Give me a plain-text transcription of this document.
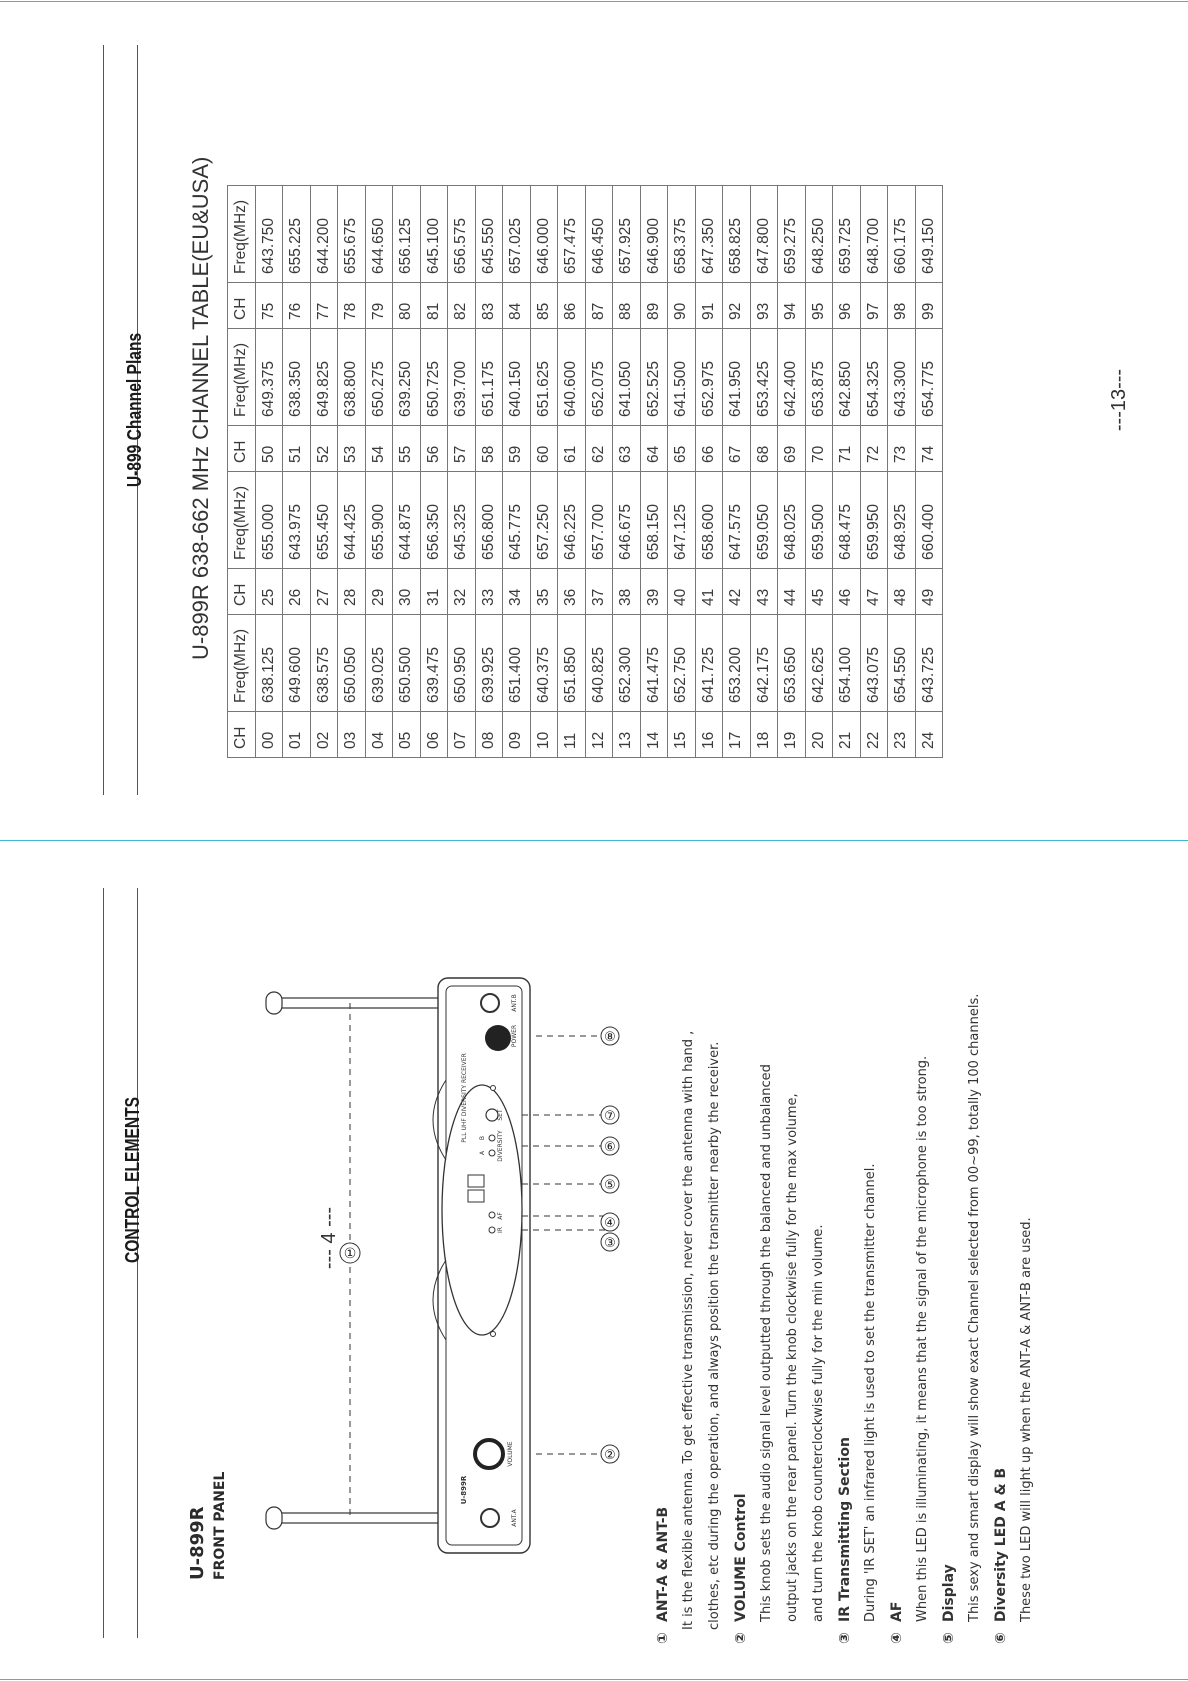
U-899 Channel Plans U-899R 638-662 MHz CHANNEL TABLE(EU&USA)
CH	Freq(MHz)	CH	Freq(MHz)	CH	Freq(MHz)	CH	Freq(MHz)
00	638.125	25	655.000	50	649.375	75	643.750
01	649.600	26	643.975	51	638.350	76	655.225
02	638.575	27	655.450	52	649.825	77	644.200
03	650.050	28	644.425	53	638.800	78	655.675
04	639.025	29	655.900	54	650.275	79	644.650
05	650.500	30	644.875	55	639.250	80	656.125
06	639.475	31	656.350	56	650.725	81	645.100
07	650.950	32	645.325	57	639.700	82	656.575
08	639.925	33	656.800	58	651.175	83	645.550
09	651.400	34	645.775	59	640.150	84	657.025
10	640.375	35	657.250	60	651.625	85	646.000
11	651.850	36	646.225	61	640.600	86	657.475
12	640.825	37	657.700	62	652.075	87	646.450
13	652.300	38	646.675	63	641.050	88	657.925
14	641.475	39	658.150	64	652.525	89	646.900
15	652.750	40	647.125	65	641.500	90	658.375
16	641.725	41	658.600	66	652.975	91	647.350
17	653.200	42	647.575	67	641.950	92	658.825
18	642.175	43	659.050	68	653.425	93	647.800
19	653.650	44	648.025	69	642.400	94	659.275
20	642.625	45	659.500	70	653.875	95	648.250
21	654.100	46	648.475	71	642.850	96	659.725
22	643.075	47	659.950	72	654.325	97	648.700
23	654.550	48	648.925	73	643.300	98	660.175
24	643.725	49	660.400	74	654.775	99	649.150
---13---
CONTROL ELEMENTS
U-899R FRONT PANEL
①
PLL UHF DIVERSITY RECEIVER
POWER
ANT.B
ANT.A
VOLUME
U-899R
IR
AF
DIVERSITY
A
B
SET
②
③
④
⑤
⑥
⑦
⑧
①ANT-A & ANT-B It is the flexible antenna. To get effective transmission, never cover the antenna with hand , clothes, etc during the operation, and always position the transmitter nearby the receiver.
②VOLUME Control This knob sets the audio signal level outputted through the balanced and unbalanced output jacks on the rear panel. Turn the knob clockwise fully for the max volume, and turn the knob counterclockwise fully for the min volume.
③IR Transmitting Section During 'IR SET' an infrared light is used to set the transmitter channel.
④AF When this LED is illuminating, it means that the signal of the microphone is too strong.
⑤Display This sexy and smart display will show exact Channel selected from 00~99, totally 100 channels.
⑥Diversity LED A & B These two LED will light up when the ANT-A & ANT-B are used.
--- 4 ---
